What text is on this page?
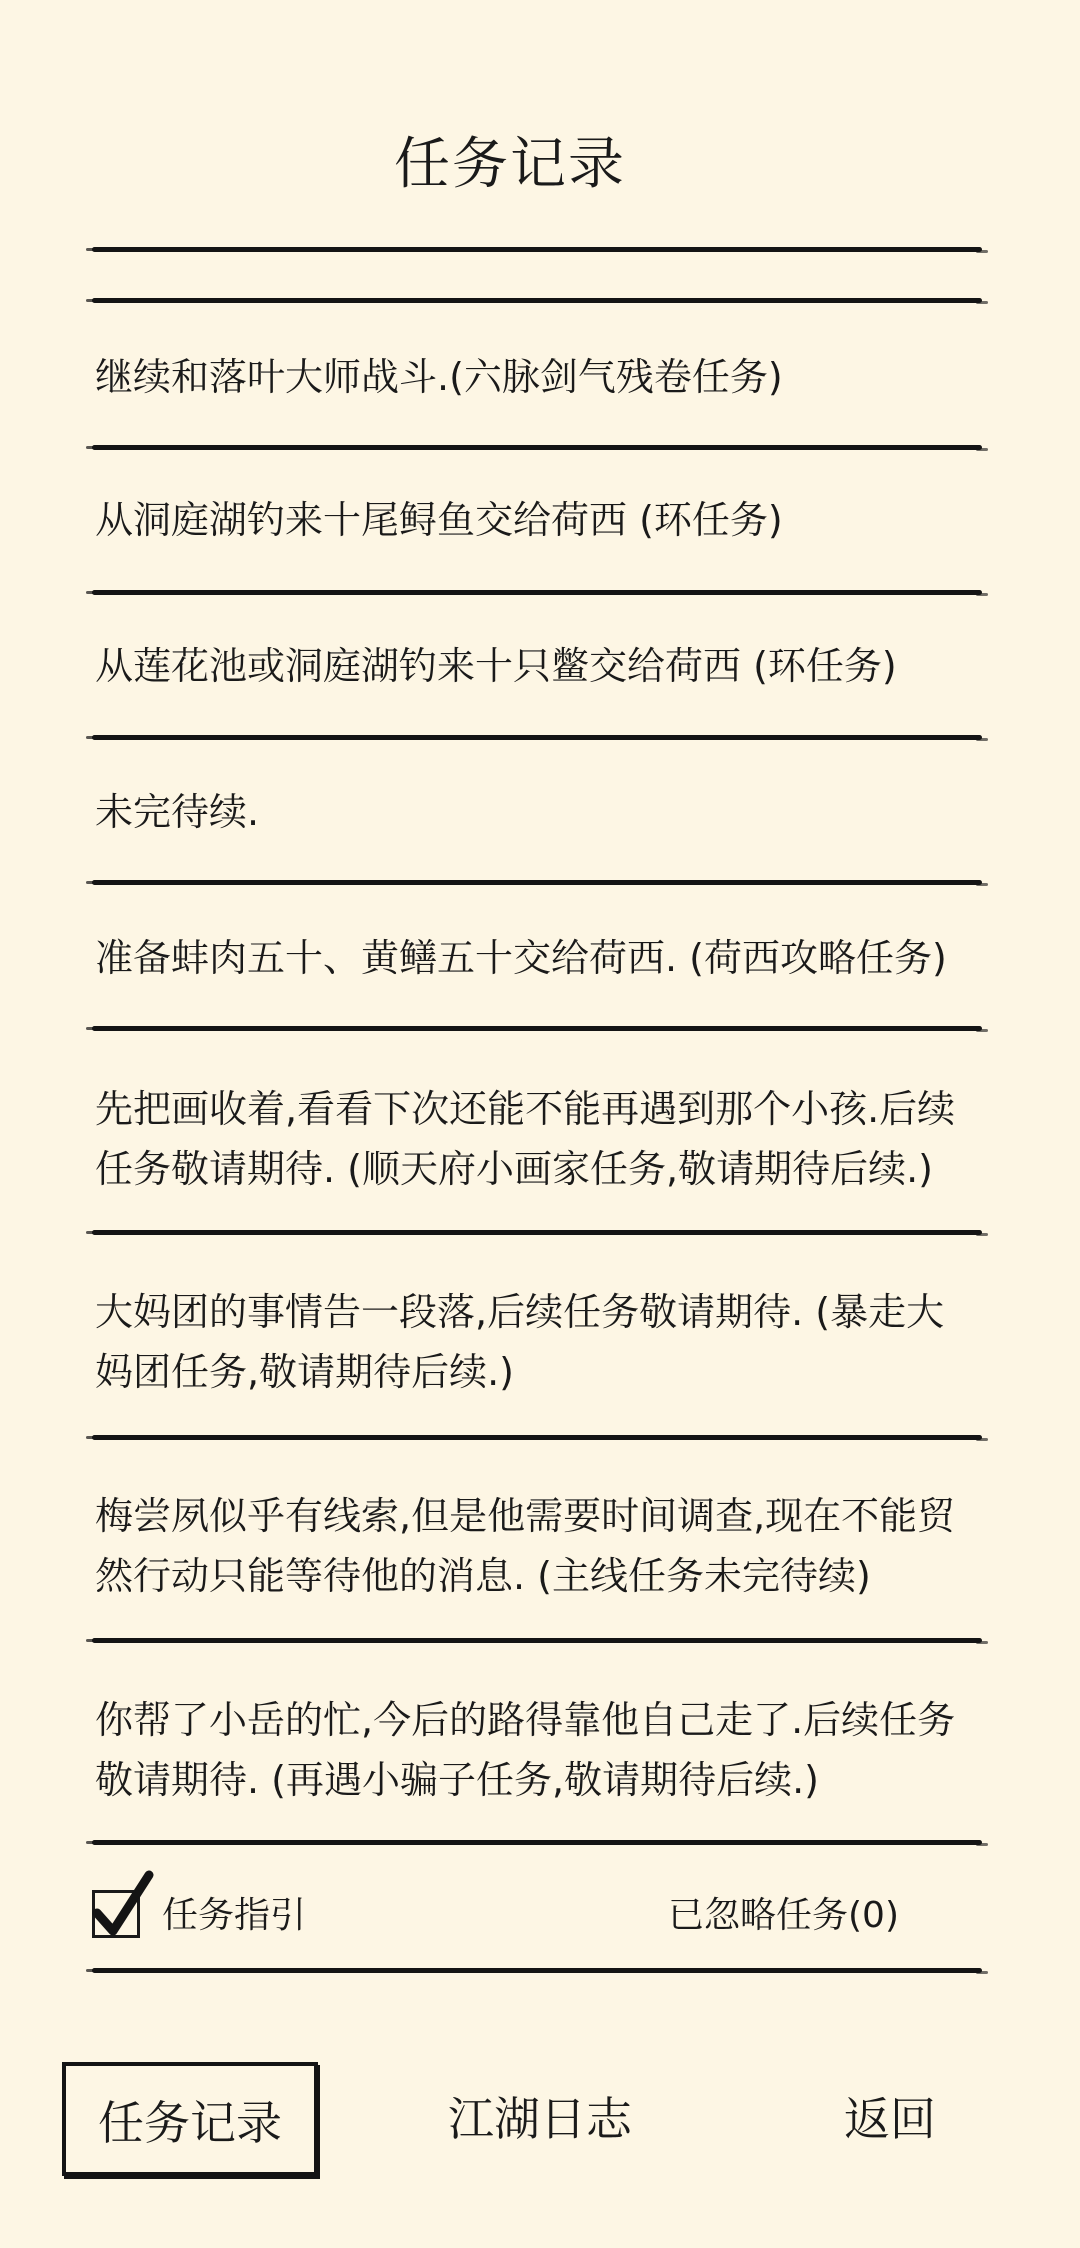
任务记录
继续和落叶大师战斗.(六脉剑气残卷任务)
从洞庭湖钓来十尾鲟鱼交给荷西 (环任务)
从莲花池或洞庭湖钓来十只鳖交给荷西 (环任务)
未完待续.
准备蚌肉五十、黄鳝五十交给荷西. (荷西攻略任务)
先把画收着,看看下次还能不能再遇到那个小孩.后续任务敬请期待. (顺天府小画家任务,敬请期待后续.)
大妈团的事情告一段落,后续任务敬请期待. (暴走大妈团任务,敬请期待后续.)
梅尝夙似乎有线索,但是他需要时间调查,现在不能贸然行动只能等待他的消息. (主线任务未完待续)
你帮了小岳的忙,今后的路得靠他自己走了.后续任务敬请期待. (再遇小骗子任务,敬请期待后续.)
任务指引	已忽略任务(0)
任务记录	江湖日志	返回
